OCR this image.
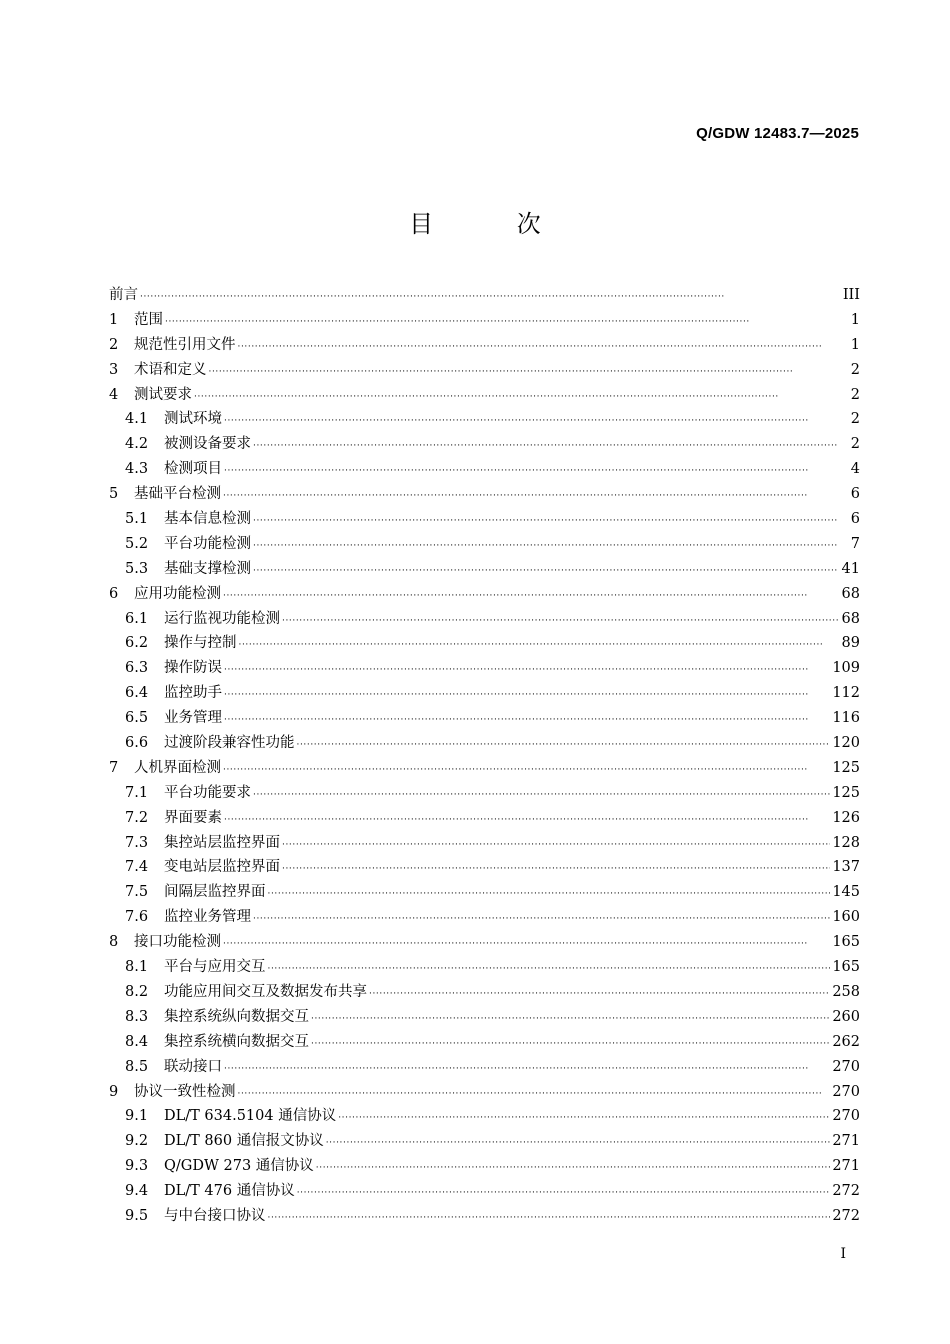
Q/GDW 12483.7—2025
目 次
前言 ·····	III
1	范围 ·····	1
2	规范性引用文件 ·····	1
3	术语和定义 ·····	2
4	测试要求 ·····	2
4.1	测试环境 ·····	2
4.2	被测设备要求 ·····	2
4.3	检测项目 ·····	4
5	基础平台检测 ·····	6
5.1	基本信息检测 ·····	6
5.2	平台功能检测 ·····	7
5.3	基础支撑检测 ·····	41
6	应用功能检测 ·····	68
6.1	运行监视功能检测 ·····	68
6.2	操作与控制 ·····	89
6.3	操作防误 ·····	109
6.4	监控助手 ·····	112
6.5	业务管理 ·····	116
6.6	过渡阶段兼容性功能 ·····	120
7	人机界面检测 ·····	125
7.1	平台功能要求 ·····	125
7.2	界面要素 ·····	126
7.3	集控站层监控界面 ·····	128
7.4	变电站层监控界面 ·····	137
7.5	间隔层监控界面 ·····	145
7.6	监控业务管理 ·····	160
8	接口功能检测 ·····	165
8.1	平台与应用交互 ·····	165
8.2	功能应用间交互及数据发布共享 ·····	258
8.3	集控系统纵向数据交互 ·····	260
8.4	集控系统横向数据交互 ·····	262
8.5	联动接口 ·····	270
9	协议一致性检测 ·····	270
9.1	DL/T 634.5104 通信协议 ·····	270
9.2	DL/T 860 通信报文协议 ·····	271
9.3	Q/GDW 273 通信协议 ·····	271
9.4	DL/T 476 通信协议 ·····	272
9.5	与中台接口协议 ·····	272
I
